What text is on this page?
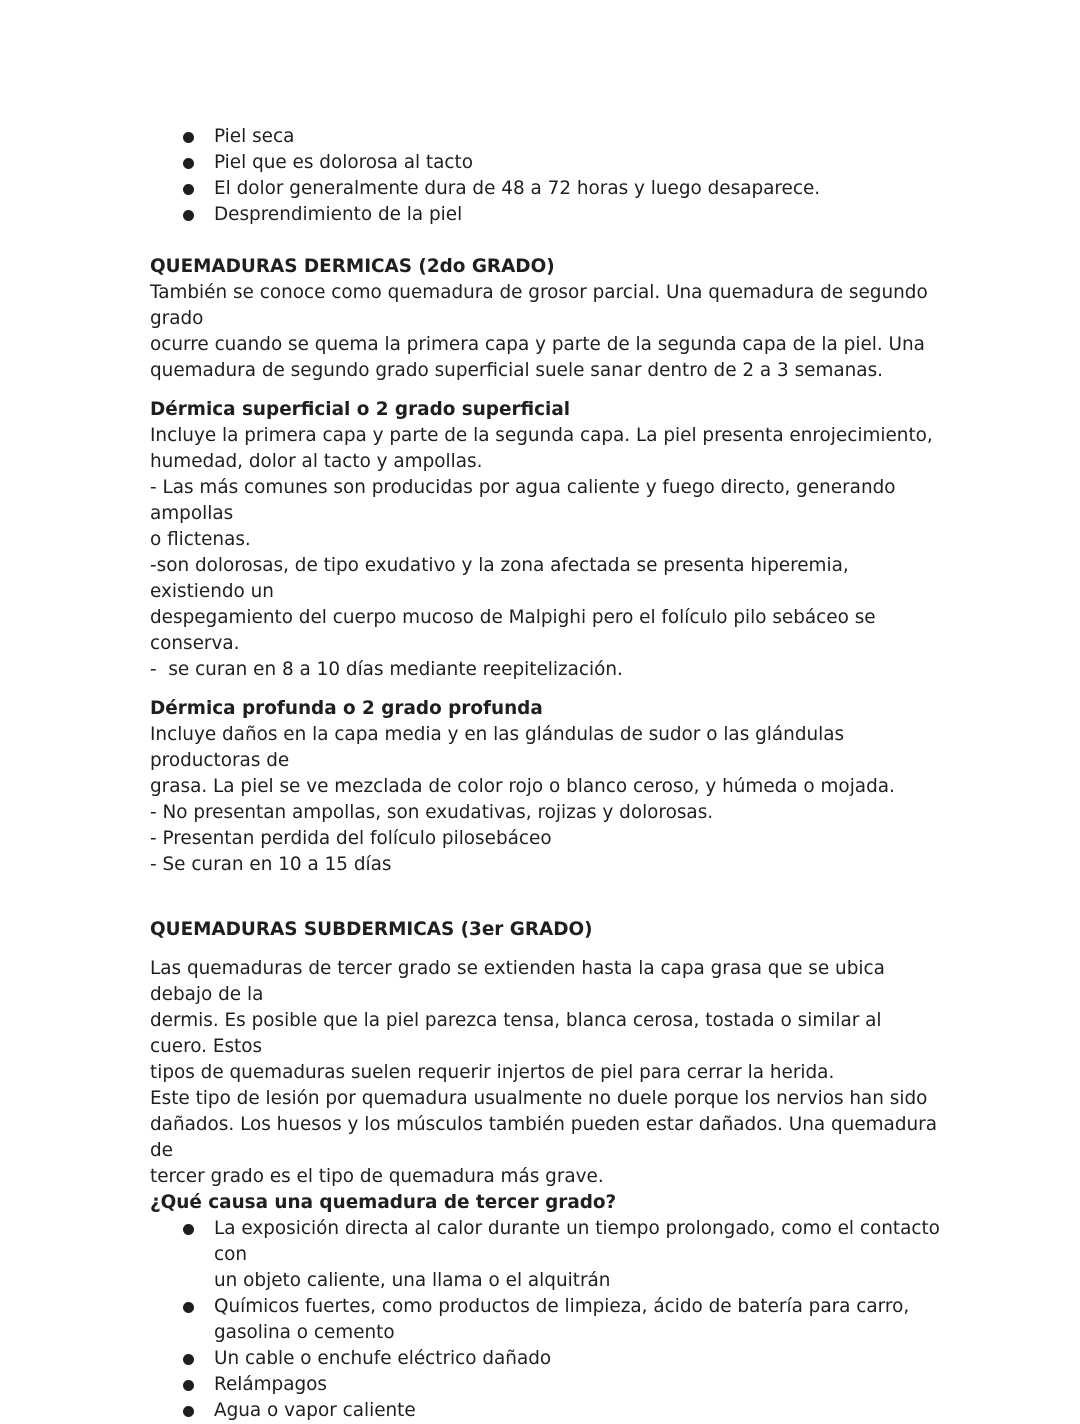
Piel seca
Piel que es dolorosa al tacto
El dolor generalmente dura de 48 a 72 horas y luego desaparece.
Desprendimiento de la piel

QUEMADURAS DERMICAS (2do GRADO)

También se conoce como quemadura de grosor parcial. Una quemadura de segundo grado

ocurre cuando se quema la primera capa y parte de la segunda capa de la piel. Una

quemadura de segundo grado superficial suele sanar dentro de 2 a 3 semanas.

Dérmica superficial o 2 grado superficial

Incluye la primera capa y parte de la segunda capa. La piel presenta enrojecimiento,

humedad, dolor al tacto y ampollas.

- Las más comunes son producidas por agua caliente y fuego directo, generando ampollas

o flictenas.

-son dolorosas, de tipo exudativo y la zona afectada se presenta hiperemia, existiendo un

despegamiento del cuerpo mucoso de Malpighi pero el folículo pilo sebáceo se conserva.

-  se curan en 8 a 10 días mediante reepitelización.

Dérmica profunda o 2 grado profunda

Incluye daños en la capa media y en las glándulas de sudor o las glándulas productoras de

grasa. La piel se ve mezclada de color rojo o blanco ceroso, y húmeda o mojada.

- No presentan ampollas, son exudativas, rojizas y dolorosas.

- Presentan perdida del folículo pilosebáceo

- Se curan en 10 a 15 días

QUEMADURAS SUBDERMICAS (3er GRADO)

Las quemaduras de tercer grado se extienden hasta la capa grasa que se ubica debajo de la

dermis. Es posible que la piel parezca tensa, blanca cerosa, tostada o similar al cuero. Estos

tipos de quemaduras suelen requerir injertos de piel para cerrar la herida.

Este tipo de lesión por quemadura usualmente no duele porque los nervios han sido

dañados. Los huesos y los músculos también pueden estar dañados. Una quemadura de

tercer grado es el tipo de quemadura más grave.

¿Qué causa una quemadura de tercer grado?

La exposición directa al calor durante un tiempo prolongado, como el contacto con
un objeto caliente, una llama o el alquitrán
Químicos fuertes, como productos de limpieza, ácido de batería para carro,
gasolina o cemento
Un cable o enchufe eléctrico dañado
Relámpagos
Agua o vapor caliente
